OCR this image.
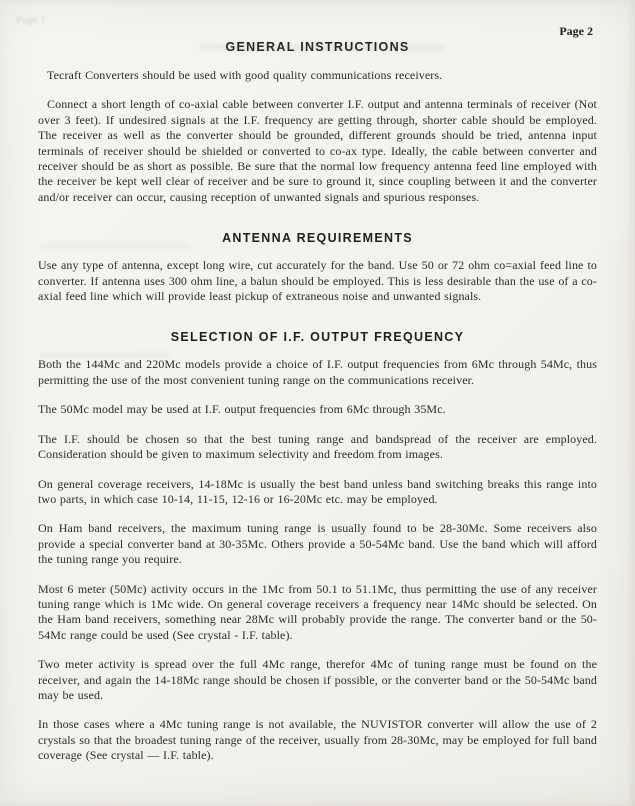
Page 1
Page 2
GENERAL INSTRUCTIONS

Tecraft Converters should be used with good quality communications receivers.

Connect a short length of co-axial cable between converter I.F. output and antenna terminals of receiver (Not over 3 feet). If undesired signals at the I.F. frequency are getting through, shorter cable should be employed. The receiver as well as the converter should be grounded, different grounds should be tried, antenna input terminals of receiver should be shielded or converted to co-ax type. Ideally, the cable between converter and receiver should be as short as possible. Be sure that the normal low frequency antenna feed line employed with the receiver be kept well clear of receiver and be sure to ground it, since coupling between it and the converter and/or receiver can occur, causing reception of unwanted signals and spurious responses.

ANTENNA REQUIREMENTS

Use any type of antenna, except long wire, cut accurately for the band. Use 50 or 72 ohm co=axial feed line to converter. If antenna uses 300 ohm line, a balun should be employed. This is less desirable than the use of a co-axial feed line which will provide least pickup of extraneous noise and unwanted signals.

SELECTION OF I.F. OUTPUT FREQUENCY

Both the 144Mc and 220Mc models provide a choice of I.F. output frequencies from 6Mc through 54Mc, thus permitting the use of the most convenient tuning range on the communications receiver.

The 50Mc model may be used at I.F. output frequencies from 6Mc through 35Mc.

The I.F. should be chosen so that the best tuning range and bandspread of the receiver are employed. Consideration should be given to maximum selectivity and freedom from images.

On general coverage receivers, 14-18Mc is usually the best band unless band switching breaks this range into two parts, in which case 10-14, 11-15, 12-16 or 16-20Mc etc. may be employed.

On Ham band receivers, the maximum tuning range is usually found to be 28-30Mc. Some receivers also provide a special converter band at 30-35Mc. Others provide a 50-54Mc band. Use the band which will afford the tuning range you require.

Most 6 meter (50Mc) activity occurs in the 1Mc from 50.1 to 51.1Mc, thus permitting the use of any receiver tuning range which is 1Mc wide. On general coverage receivers a frequency near 14Mc should be selected. On the Ham band receivers, something near 28Mc will probably provide the range. The converter band or the 50-54Mc range could be used (See crystal - I.F. table).

Two meter activity is spread over the full 4Mc range, therefor 4Mc of tuning range must be found on the receiver, and again the 14-18Mc range should be chosen if possible, or the converter band or the 50-54Mc band may be used.

In those cases where a 4Mc tuning range is not available, the NUVISTOR converter will allow the use of 2 crystals so that the broadest tuning range of the receiver, usually from 28-30Mc, may be employed for full band coverage (See crystal — I.F. table).
